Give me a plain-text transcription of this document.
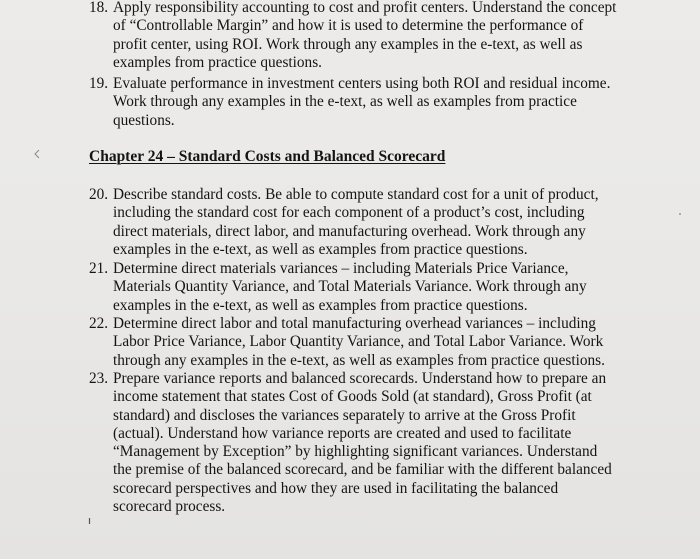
18. Apply responsibility accounting to cost and profit centers. Understand the concept
of “Controllable Margin” and how it is used to determine the performance of
profit center, using ROI. Work through any examples in the e-text, as well as
examples from practice questions.
19. Evaluate performance in investment centers using both ROI and residual income.
Work through any examples in the e-text, as well as examples from practice
questions.
Chapter 24 – Standard Costs and Balanced Scorecard
20. Describe standard costs. Be able to compute standard cost for a unit of product,
including the standard cost for each component of a product’s cost, including
direct materials, direct labor, and manufacturing overhead. Work through any
examples in the e-text, as well as examples from practice questions.
21. Determine direct materials variances – including Materials Price Variance,
Materials Quantity Variance, and Total Materials Variance. Work through any
examples in the e-text, as well as examples from practice questions.
22. Determine direct labor and total manufacturing overhead variances – including
Labor Price Variance, Labor Quantity Variance, and Total Labor Variance. Work
through any examples in the e-text, as well as examples from practice questions.
23. Prepare variance reports and balanced scorecards. Understand how to prepare an
income statement that states Cost of Goods Sold (at standard), Gross Profit (at
standard) and discloses the variances separately to arrive at the Gross Profit
(actual). Understand how variance reports are created and used to facilitate
“Management by Exception” by highlighting significant variances. Understand
the premise of the balanced scorecard, and be familiar with the different balanced
scorecard perspectives and how they are used in facilitating the balanced
scorecard process.
